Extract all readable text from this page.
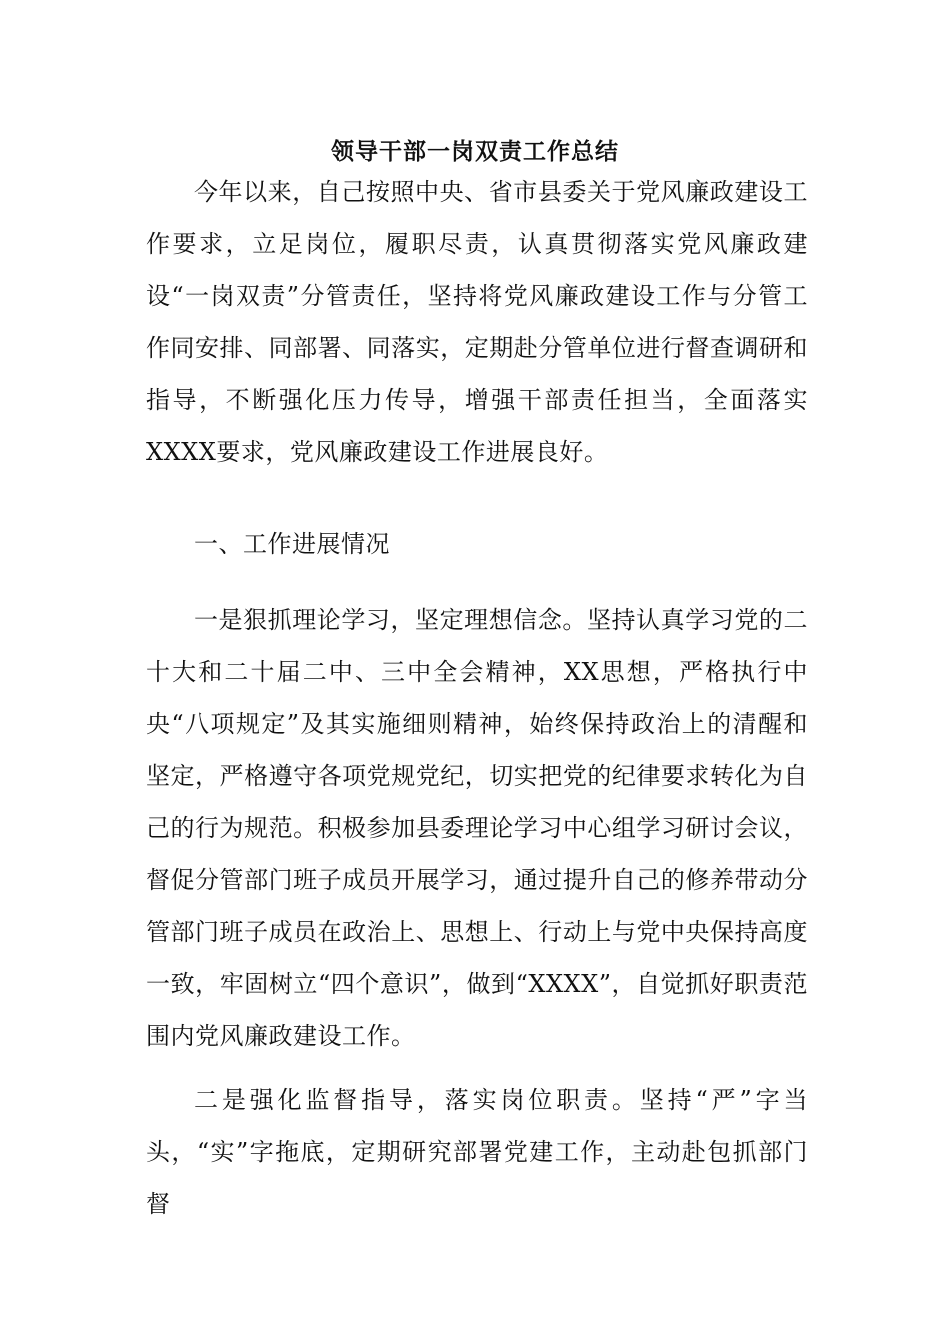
领导干部一岗双责工作总结

今年以来，自己按照中央、省市县委关于党风廉政建设工作要求，立足岗位，履职尽责，认真贯彻落实党风廉政建设“一岗双责”分管责任，坚持将党风廉政建设工作与分管工作同安排、同部署、同落实，定期赴分管单位进行督查调研和指导，不断强化压力传导，增强干部责任担当，全面落实XXXX要求，党风廉政建设工作进展良好。

一、工作进展情况

一是狠抓理论学习，坚定理想信念。坚持认真学习党的二十大和二十届二中、三中全会精神，XX思想，严格执行中央“八项规定”及其实施细则精神，始终保持政治上的清醒和坚定，严格遵守各项党规党纪，切实把党的纪律要求转化为自己的行为规范。积极参加县委理论学习中心组学习研讨会议，督促分管部门班子成员开展学习，通过提升自己的修养带动分管部门班子成员在政治上、思想上、行动上与党中央保持高度一致，牢固树立“四个意识”，做到“XXXX”，自觉抓好职责范围内党风廉政建设工作。

二是强化监督指导，落实岗位职责。坚持“严”字当头，“实”字拖底，定期研究部署党建工作，主动赴包抓部门督
